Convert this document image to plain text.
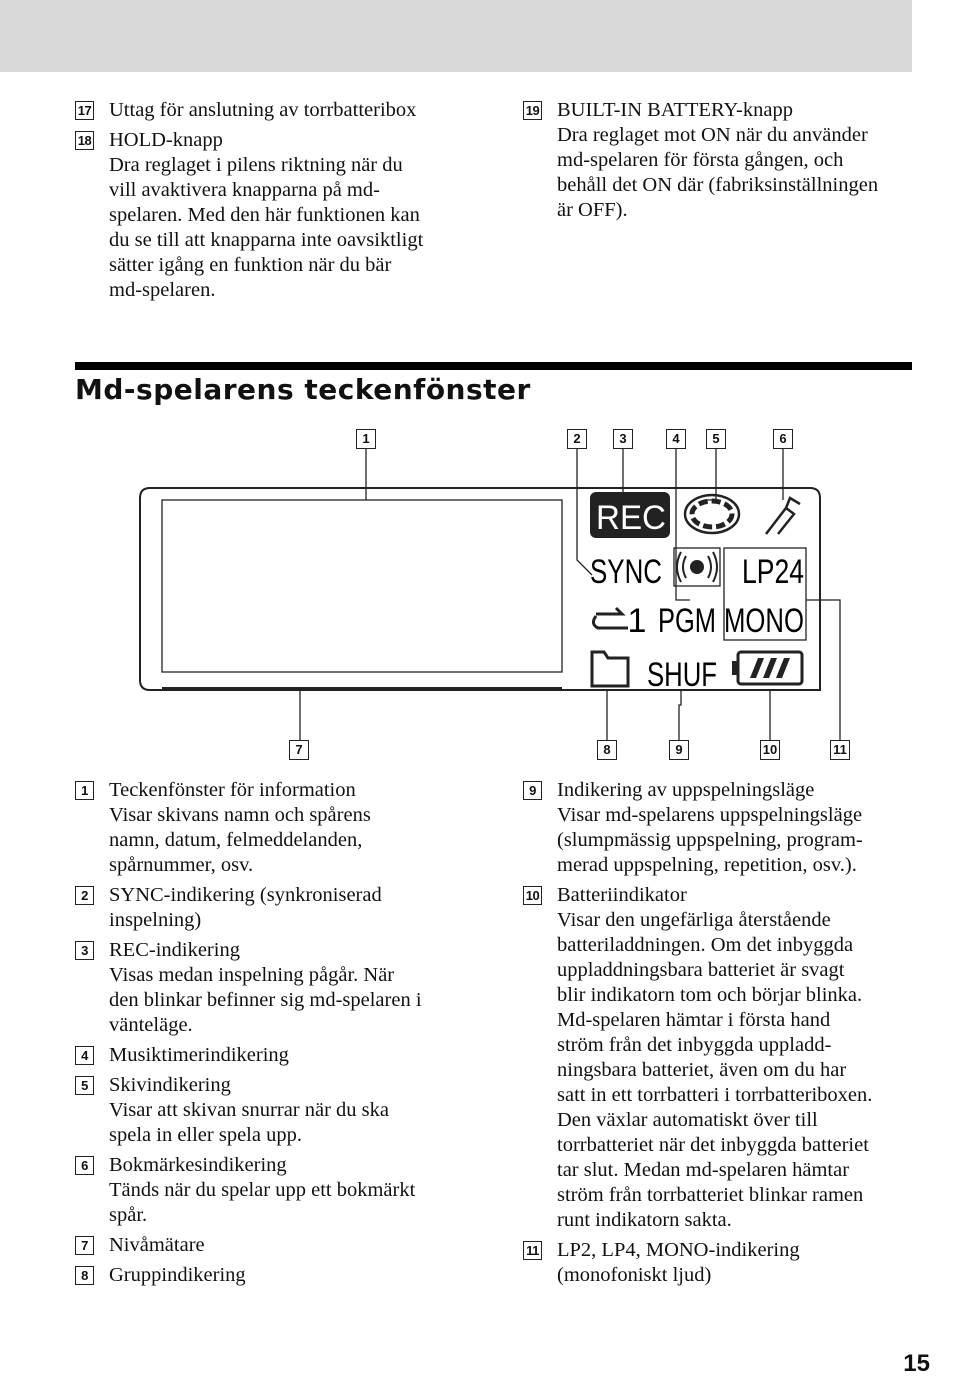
17 Uttag för anslutning av torrbatteribox
18 HOLD-knapp
Dra reglaget i pilens riktning när du
vill avaktivera knapparna på md-
spelaren. Med den här funktionen kan
du se till att knapparna inte oavsiktligt
sätter igång en funktion när du bär
md-spelaren.
19 BUILT-IN BATTERY-knapp
Dra reglaget mot ON när du använder
md-spelaren för första gången, och
behåll det ON där (fabriksinställningen
är OFF).
Md-spelarens teckenfönster
1	2	3	4	5	6
7	8	9	10	11
REC
SYNC LP24
1 PGM MONO
SHUF
1 Teckenfönster för information
Visar skivans namn och spårens
namn, datum, felmeddelanden,
spårnummer, osv.
2 SYNC-indikering (synkroniserad
inspelning)
3 REC-indikering
Visas medan inspelning pågår. När
den blinkar befinner sig md-spelaren i
vänteläge.
4 Musiktimerindikering
5 Skivindikering
Visar att skivan snurrar när du ska
spela in eller spela upp.
6 Bokmärkesindikering
Tänds när du spelar upp ett bokmärkt
spår.
7 Nivåmätare
8 Gruppindikering
9 Indikering av uppspelningsläge
Visar md-spelarens uppspelningsläge
(slumpmässig uppspelning, program-
merad uppspelning, repetition, osv.).
10 Batteriindikator
Visar den ungefärliga återstående
batteriladdningen. Om det inbyggda
uppladdningsbara batteriet är svagt
blir indikatorn tom och börjar blinka.
Md-spelaren hämtar i första hand
ström från det inbyggda uppladd-
ningsbara batteriet, även om du har
satt in ett torrbatteri i torrbatteriboxen.
Den växlar automatiskt över till
torrbatteriet när det inbyggda batteriet
tar slut. Medan md-spelaren hämtar
ström från torrbatteriet blinkar ramen
runt indikatorn sakta.
11 LP2, LP4, MONO-indikering
(monofoniskt ljud)
15
